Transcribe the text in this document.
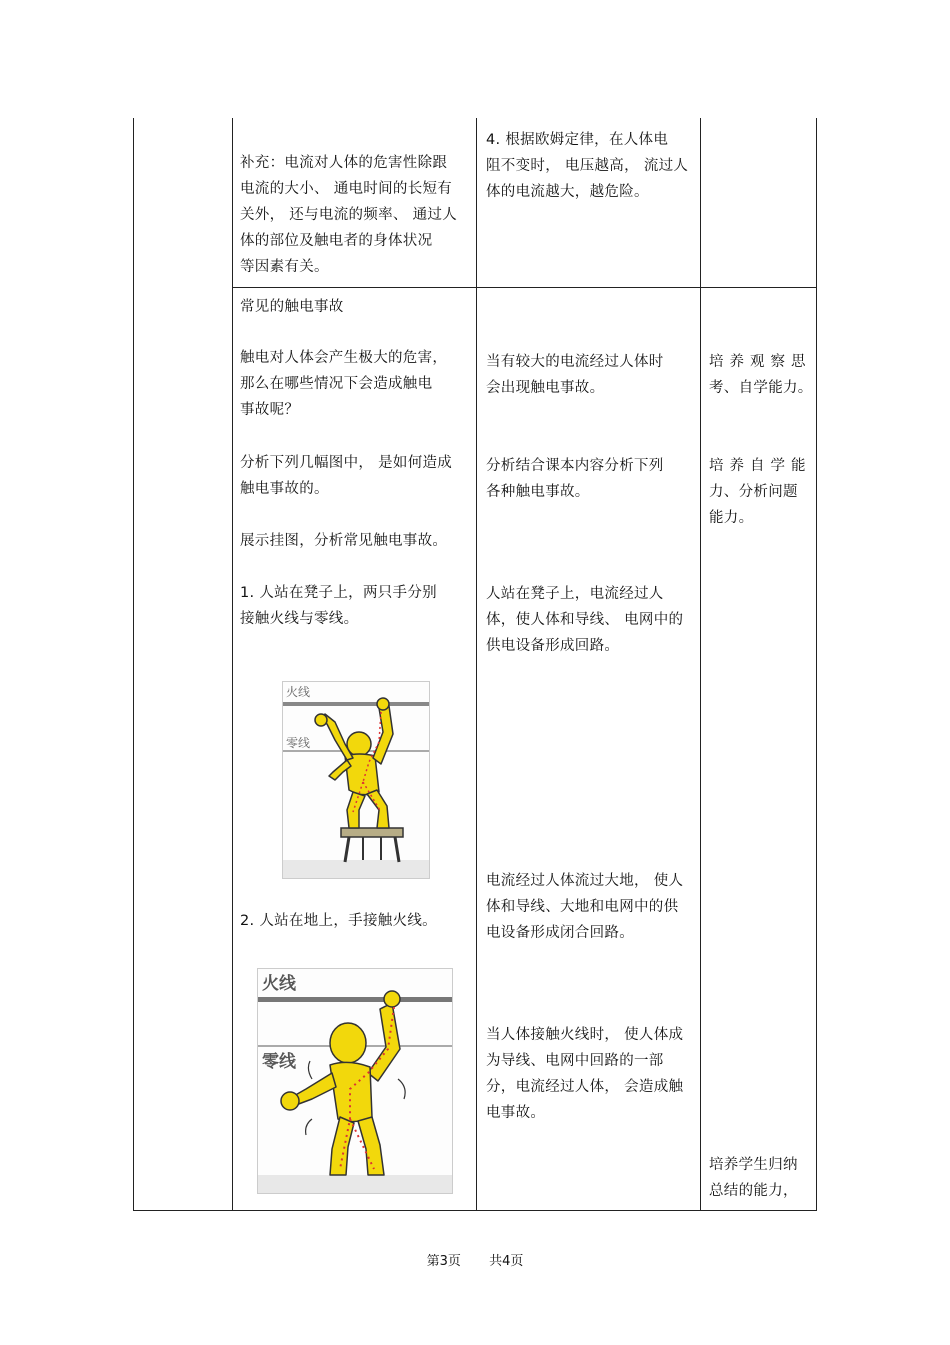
补充：电流对人体的危害性除跟
电流的大小、 通电时间的长短有
关外， 还与电流的频率、 通过人
体的部位及触电者的身体状况
等因素有关。
4. 根据欧姆定律，在人体电
阻不变时， 电压越高， 流过人
体的电流越大，越危险。
常见的触电事故
触电对人体会产生极大的危害，
那么在哪些情况下会造成触电
事故呢？
分析下列几幅图中， 是如何造成
触电事故的。
展示挂图，分析常见触电事故。
1. 人站在凳子上，两只手分别
接触火线与零线。
火线
零线
2. 人站在地上，手接触火线。
火线
零线
当有较大的电流经过人体时
会出现触电事故。
分析结合课本内容分析下列
各种触电事故。
人站在凳子上，电流经过人
体，使人体和导线、 电网中的
供电设备形成回路。
电流经过人体流过大地， 使人
体和导线、大地和电网中的供
电设备形成闭合回路。
当人体接触火线时， 使人体成
为导线、电网中回路的一部
分，电流经过人体， 会造成触
电事故。
培养观察思
考、自学能力。
培养自学能
力、分析问题
能力。
培养学生归纳
总结的能力，
第3页 共4页
